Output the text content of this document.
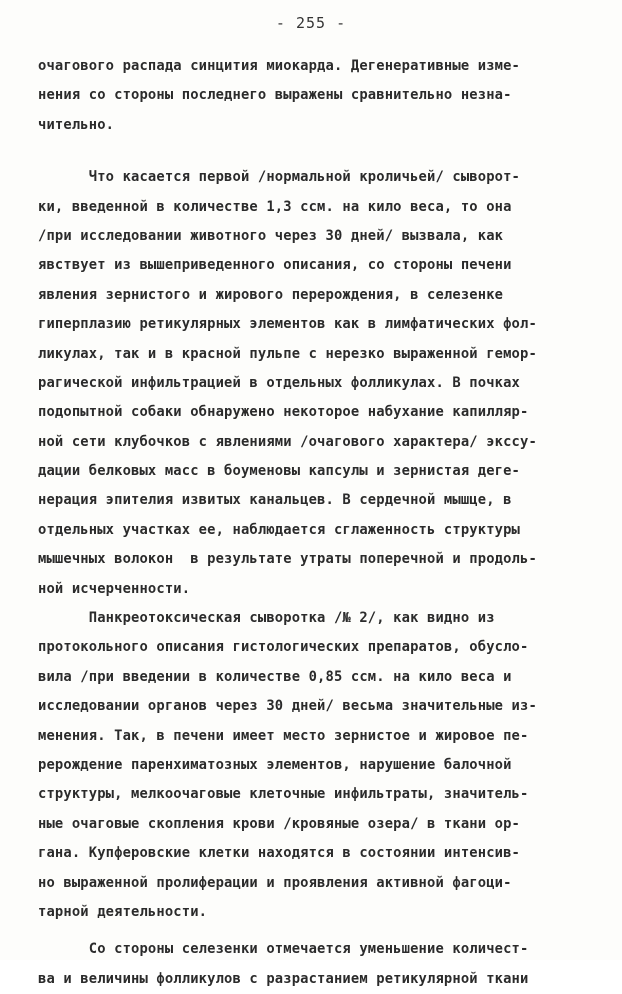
- 255 -
очагового распада синцития миокарда. Дегенеративные изме-
нения со стороны последнего выражены сравнительно незна-
чительно.
Что касается первой /нормальной кроличьей/ сыворот-
ки, введенной в количестве 1,3 ссм. на кило веса, то она
/при исследовании животного через 30 дней/ вызвала, как
явствует из вышеприведенного описания, со стороны печени
явления зернистого и жирового перерождения, в селезенке
гиперплазию ретикулярных элементов как в лимфатических фол-
ликулах, так и в красной пульпе с нерезко выраженной гемор-
рагической инфильтрацией в отдельных фолликулах. В почках
подопытной собаки обнаружено некоторое набухание капилляр-
ной сети клубочков с явлениями /очагового характера/ экссу-
дации белковых масс в боуменовы капсулы и зернистая деге-
нерация эпителия извитых канальцев. В сердечной мышце, в
отдельных участках ее, наблюдается сглаженность структуры
мышечных волокон  в результате утраты поперечной и продоль-
ной исчерченности.
Панкреотоксическая сыворотка /№ 2/, как видно из
протокольного описания гистологических препаратов, обусло-
вила /при введении в количестве 0,85 ссм. на кило веса и
исследовании органов через 30 дней/ весьма значительные из-
менения. Так, в печени имеет место зернистое и жировое пе-
рерождение паренхиматозных элементов, нарушение балочной
структуры, мелкоочаговые клеточные инфильтраты, значитель-
ные очаговые скопления крови /кровяные озера/ в ткани ор-
гана. Купферовские клетки находятся в состоянии интенсив-
но выраженной пролиферации и проявления активной фагоци-
тарной деятельности.
Со стороны селезенки отмечается уменьшение количест-
ва и величины фолликулов с разрастанием ретикулярной ткани
